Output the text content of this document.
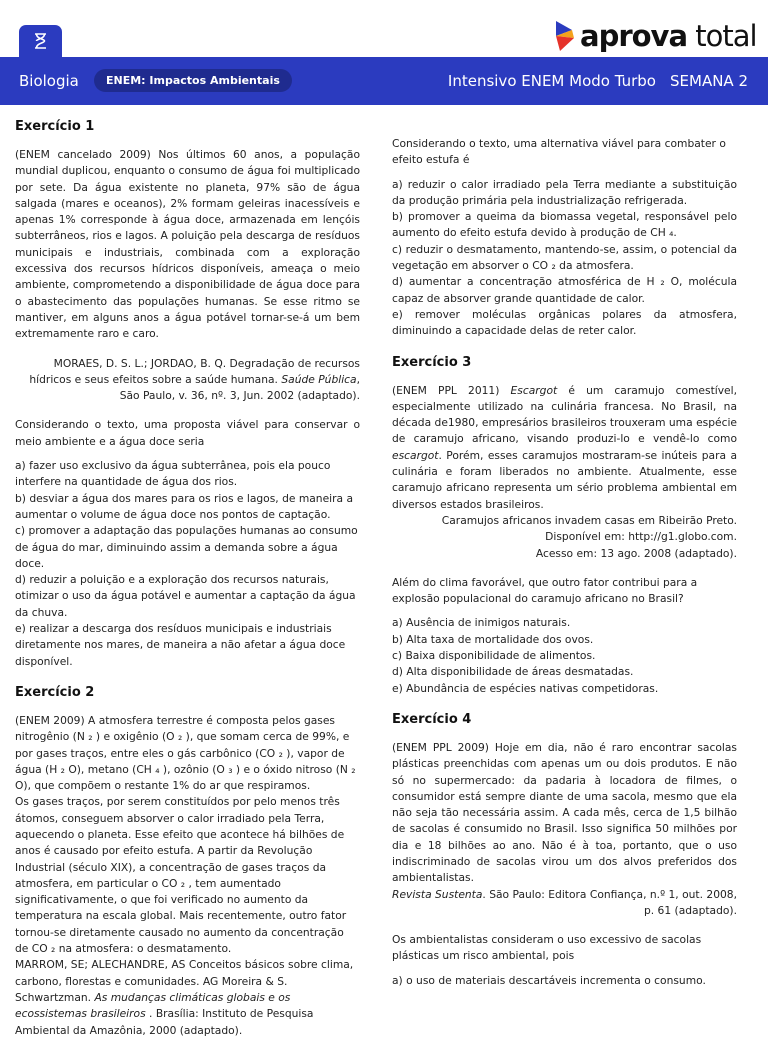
aprova total
Biologia	ENEM: Impactos Ambientais	Intensivo ENEM Modo Turbo SEMANA 2
Exercício 1
(ENEM cancelado 2009) Nos últimos 60 anos, a população mundial duplicou, enquanto o consumo de água foi multiplicado por sete. Da água existente no planeta, 97% são de água salgada (mares e oceanos), 2% formam geleiras inacessíveis e apenas 1% corresponde à água doce, armazenada em lençóis subterrâneos, rios e lagos. A poluição pela descarga de resíduos municipais e industriais, combinada com a exploração excessiva dos recursos hídricos disponíveis, ameaça o meio ambiente, comprometendo a disponibilidade de água doce para o abastecimento das populações humanas. Se esse ritmo se mantiver, em alguns anos a água potável tornar-se-á um bem extremamente raro e caro.
MORAES, D. S. L.; JORDAO, B. Q. Degradação de recursos hídricos e seus efeitos sobre a saúde humana. Saúde Pública, São Paulo, v. 36, nº. 3, Jun. 2002 (adaptado).
Considerando o texto, uma proposta viável para conservar o meio ambiente e a água doce seria
a) fazer uso exclusivo da água subterrânea, pois ela pouco interfere na quantidade de água dos rios.
b) desviar a água dos mares para os rios e lagos, de maneira a aumentar o volume de água doce nos pontos de captação.
c) promover a adaptação das populações humanas ao consumo de água do mar, diminuindo assim a demanda sobre a água doce.
d) reduzir a poluição e a exploração dos recursos naturais, otimizar o uso da água potável e aumentar a captação da água da chuva.
e) realizar a descarga dos resíduos municipais e industriais diretamente nos mares, de maneira a não afetar a água doce disponível.
Exercício 2
(ENEM 2009) A atmosfera terrestre é composta pelos gases nitrogênio (N ₂ ) e oxigênio (O ₂ ), que somam cerca de 99%, e por gases traços, entre eles o gás carbônico (CO ₂ ), vapor de água (H ₂ O), metano (CH ₄ ), ozônio (O ₃ ) e o óxido nitroso (N ₂ O), que compõem o restante 1% do ar que respiramos.
Os gases traços, por serem constituídos por pelo menos três átomos, conseguem absorver o calor irradiado pela Terra, aquecendo o planeta. Esse efeito que acontece há bilhões de anos é causado por efeito estufa. A partir da Revolução Industrial (século XIX), a concentração de gases traços da atmosfera, em particular o CO ₂ , tem aumentado significativamente, o que foi verificado no aumento da temperatura na escala global. Mais recentemente, outro fator tornou-se diretamente causado no aumento da concentração de CO ₂ na atmosfera: o desmatamento.
MARROM, SE; ALECHANDRE, AS Conceitos básicos sobre clima, carbono, florestas e comunidades. AG Moreira & S. Schwartzman. As mudanças climáticas globais e os ecossistemas brasileiros . Brasília: Instituto de Pesquisa Ambiental da Amazônia, 2000 (adaptado).
Considerando o texto, uma alternativa viável para combater o efeito estufa é
a) reduzir o calor irradiado pela Terra mediante a substituição da produção primária pela industrialização refrigerada.
b) promover a queima da biomassa vegetal, responsável pelo aumento do efeito estufa devido à produção de CH ₄.
c) reduzir o desmatamento, mantendo-se, assim, o potencial da vegetação em absorver o CO ₂ da atmosfera.
d) aumentar a concentração atmosférica de H ₂ O, molécula capaz de absorver grande quantidade de calor.
e) remover moléculas orgânicas polares da atmosfera, diminuindo a capacidade delas de reter calor.
Exercício 3
(ENEM PPL 2011) Escargot é um caramujo comestível, especialmente utilizado na culinária francesa. No Brasil, na década de1980, empresários brasileiros trouxeram uma espécie de caramujo africano, visando produzi-lo e vendê-lo como escargot. Porém, esses caramujos mostraram-se inúteis para a culinária e foram liberados no ambiente. Atualmente, esse caramujo africano representa um sério problema ambiental em diversos estados brasileiros.
Caramujos africanos invadem casas em Ribeirão Preto. Disponível em: http://g1.globo.com.
Acesso em: 13 ago. 2008 (adaptado).
Além do clima favorável, que outro fator contribui para a explosão populacional do caramujo africano no Brasil?
a) Ausência de inimigos naturais.
b) Alta taxa de mortalidade dos ovos.
c) Baixa disponibilidade de alimentos.
d) Alta disponibilidade de áreas desmatadas.
e) Abundância de espécies nativas competidoras.
Exercício 4
(ENEM PPL 2009) Hoje em dia, não é raro encontrar sacolas plásticas preenchidas com apenas um ou dois produtos. E não só no supermercado: da padaria à locadora de filmes, o consumidor está sempre diante de uma sacola, mesmo que ela não seja tão necessária assim. A cada mês, cerca de 1,5 bilhão de sacolas é consumido no Brasil. Isso significa 50 milhões por dia e 18 bilhões ao ano. Não é à toa, portanto, que o uso indiscriminado de sacolas virou um dos alvos preferidos dos ambientalistas.
Revista Sustenta. São Paulo: Editora Confiança, n.º 1, out. 2008, p. 61 (adaptado).
Os ambientalistas consideram o uso excessivo de sacolas plásticas um risco ambiental, pois
a) o uso de materiais descartáveis incrementa o consumo.
